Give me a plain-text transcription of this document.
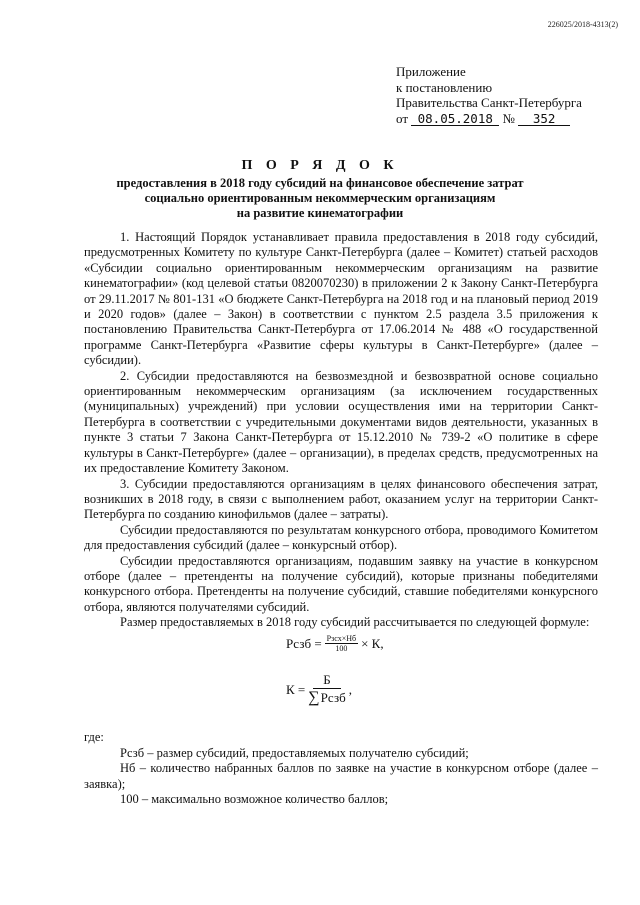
226025/2018-4313(2)
Приложение
к постановлению
Правительства Санкт-Петербурга
от 08.05.2018 № 352
П О Р Я Д О К
предоставления в 2018 году субсидий на финансовое обеспечение затрат
социально ориентированным некоммерческим организациям
на развитие кинематографии

1. Настоящий Порядок устанавливает правила предоставления в 2018 году субсидий, предусмотренных Комитету по культуре Санкт-Петербурга (далее – Комитет) статьей расходов «Субсидии социально ориентированным некоммерческим организациям на развитие кинематографии» (код целевой статьи 0820070230) в приложении 2 к Закону Санкт-Петербурга от 29.11.2017 № 801-131 «О бюджете Санкт-Петербурга на 2018 год и на плановый период 2019 и 2020 годов» (далее – Закон) в соответствии с пунктом 2.5 раздела 3.5 приложения к постановлению Правительства Санкт-Петербурга от 17.06.2014 № 488 «О государственной программе Санкт-Петербурга «Развитие сферы культуры в Санкт-Петербурге» (далее – субсидии).

2. Субсидии предоставляются на безвозмездной и безвозвратной основе социально ориентированным некоммерческим организациям (за исключением государственных (муниципальных) учреждений) при условии осуществления ими на территории Санкт-Петербурга в соответствии с учредительными документами видов деятельности, указанных в пункте 3 статьи 7 Закона Санкт-Петербурга от 15.12.2010 № 739-2 «О политике в сфере культуры в Санкт-Петербурге» (далее – организации), в пределах средств, предусмотренных на их предоставление Комитету Законом.

3. Субсидии предоставляются организациям в целях финансового обеспечения затрат, возникших в 2018 году, в связи с выполнением работ, оказанием услуг на территории Санкт-Петербурга по созданию кинофильмов (далее – затраты).

Субсидии предоставляются по результатам конкурсного отбора, проводимого Комитетом для предоставления субсидий (далее – конкурсный отбор).

Субсидии предоставляются организациям, подавшим заявку на участие в конкурсном отборе (далее – претенденты на получение субсидий), которые признаны победителями конкурсного отбора. Претенденты на получение субсидий, ставшие победителями конкурсного отбора, являются получателями субсидий.

Размер предоставляемых в 2018 году субсидий рассчитывается по следующей формуле:

Рсзб = $\frac{\text{Рзсх×Нб}}{100} \times К$,
$К = \frac{Б}{\text{∑Рсзб}}$ ,

где:

Рсзб – размер субсидий, предоставляемых получателю субсидий;

Нб – количество набранных баллов по заявке на участие в конкурсном отборе (далее – заявка);

100 – максимально возможное количество баллов;
